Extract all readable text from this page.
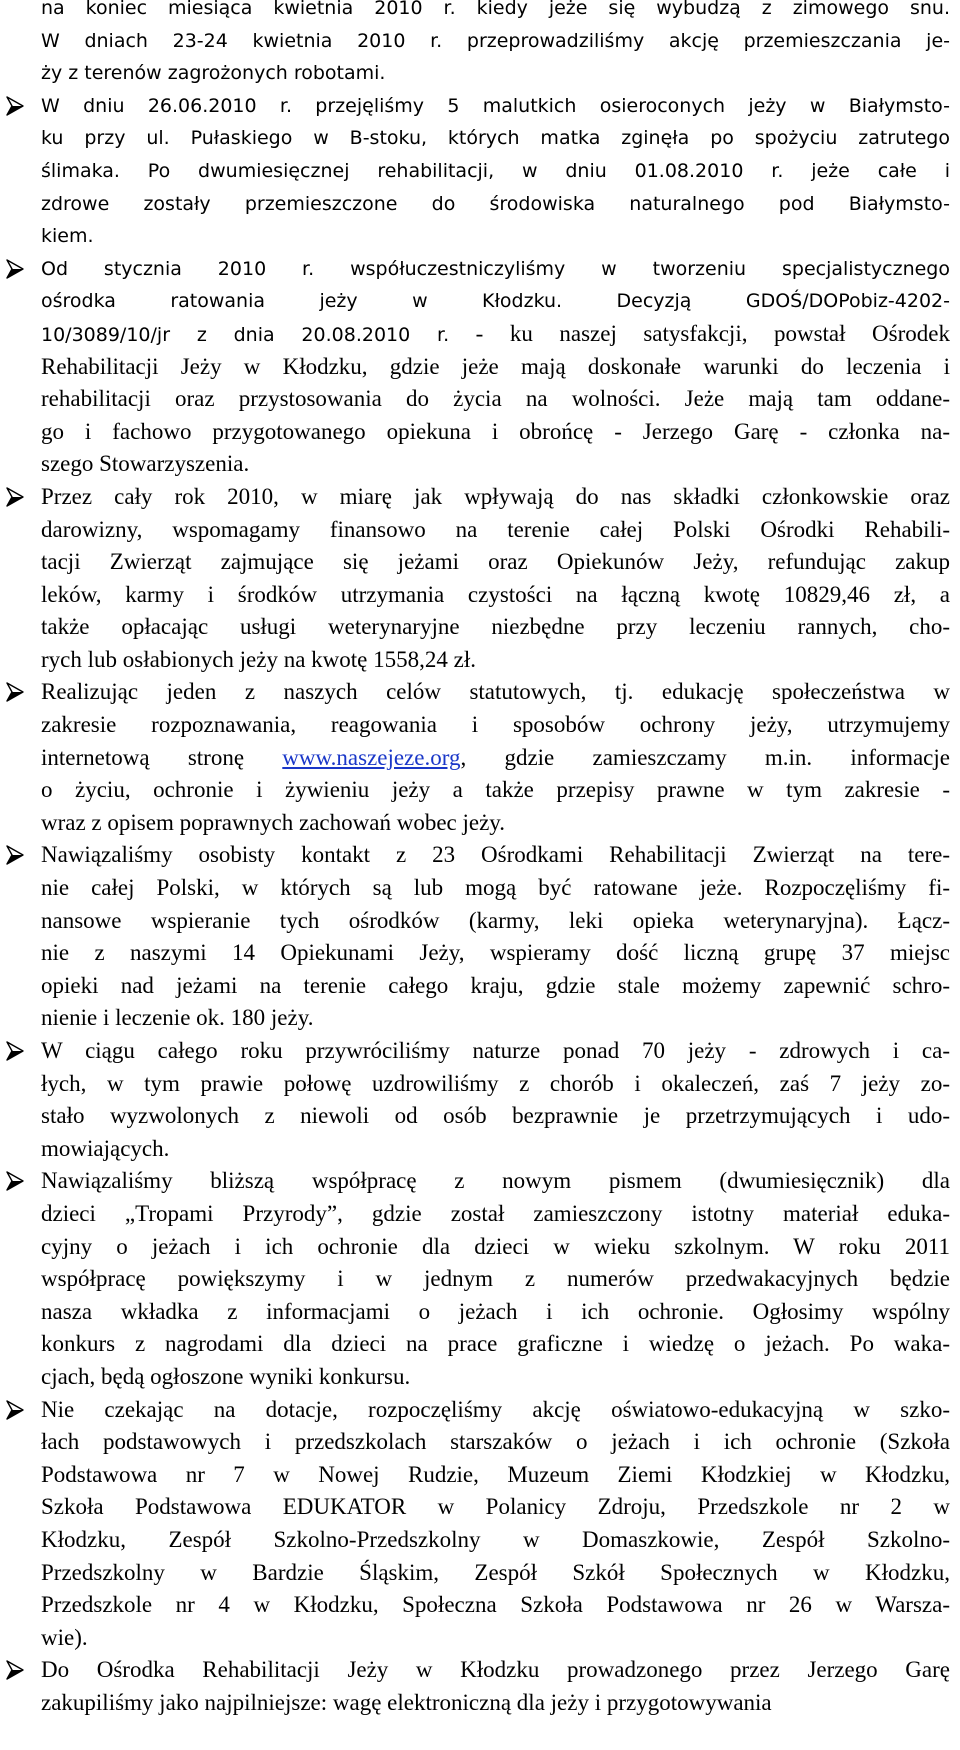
na koniec miesiąca kwietnia 2010 r. kiedy jeże się wybudzą z zimowego snu.
W dniach 23-24 kwietnia 2010 r. przeprowadziliśmy akcję przemieszczania je-
ży z terenów zagrożonych robotami.
W dniu 26.06.2010 r. przejęliśmy 5 malutkich osieroconych jeży w Białymsto-
ku przy ul. Pułaskiego w B-stoku, których matka zginęła po spożyciu zatrutego
ślimaka. Po dwumiesięcznej rehabilitacji, w dniu 01.08.2010 r. jeże całe i
zdrowe zostały przemieszczone do środowiska naturalnego pod Białymsto-
kiem.
Od stycznia 2010 r. współuczestniczyliśmy w tworzeniu specjalistycznego
ośrodka ratowania jeży w Kłodzku. Decyzją GDOŚ/DOPobiz-4202-
10/3089/10/jr z dnia 20.08.2010 r. - ku naszej satysfakcji, powstał Ośrodek
Rehabilitacji Jeży w Kłodzku, gdzie jeże mają doskonałe warunki do leczenia i
rehabilitacji oraz przystosowania do życia na wolności. Jeże mają tam oddane-
go i fachowo przygotowanego opiekuna i obrońcę - Jerzego Garę - członka na-
szego Stowarzyszenia.
Przez cały rok 2010, w miarę jak wpływają do nas składki członkowskie oraz
darowizny, wspomagamy finansowo na terenie całej Polski Ośrodki Rehabili-
tacji Zwierząt zajmujące się jeżami oraz Opiekunów Jeży, refundując zakup
leków, karmy i środków utrzymania czystości na łączną kwotę 10829,46 zł, a
także opłacając usługi weterynaryjne niezbędne przy leczeniu rannych, cho-
rych lub osłabionych jeży na kwotę 1558,24 zł.
Realizując jeden z naszych celów statutowych, tj. edukację społeczeństwa w
zakresie rozpoznawania, reagowania i sposobów ochrony jeży, utrzymujemy
internetową stronę www.naszejeze.org, gdzie zamieszczamy m.in. informacje
o życiu, ochronie i żywieniu jeży a także przepisy prawne w tym zakresie -
wraz z opisem poprawnych zachowań wobec jeży.
Nawiązaliśmy osobisty kontakt z 23 Ośrodkami Rehabilitacji Zwierząt na tere-
nie całej Polski, w których są lub mogą być ratowane jeże. Rozpoczęliśmy fi-
nansowe wspieranie tych ośrodków (karmy, leki opieka weterynaryjna). Łącz-
nie z naszymi 14 Opiekunami Jeży, wspieramy dość liczną grupę 37 miejsc
opieki nad jeżami na terenie całego kraju, gdzie stale możemy zapewnić schro-
nienie i leczenie ok. 180 jeży.
W ciągu całego roku przywróciliśmy naturze ponad 70 jeży - zdrowych i ca-
łych, w tym prawie połowę uzdrowiliśmy z chorób i okaleczeń, zaś 7 jeży zo-
stało wyzwolonych z niewoli od osób bezprawnie je przetrzymujących i udo-
mowiających.
Nawiązaliśmy bliższą współpracę z nowym pismem (dwumiesięcznik) dla
dzieci „Tropami Przyrody”, gdzie został zamieszczony istotny materiał eduka-
cyjny o jeżach i ich ochronie dla dzieci w wieku szkolnym. W roku 2011
współpracę powiększymy i w jednym z numerów przedwakacyjnych będzie
nasza wkładka z informacjami o jeżach i ich ochronie. Ogłosimy wspólny
konkurs z nagrodami dla dzieci na prace graficzne i wiedzę o jeżach. Po waka-
cjach, będą ogłoszone wyniki konkursu.
Nie czekając na dotacje, rozpoczęliśmy akcję oświatowo-edukacyjną w szko-
łach podstawowych i przedszkolach starszaków o jeżach i ich ochronie (Szkoła
Podstawowa nr 7 w Nowej Rudzie, Muzeum Ziemi Kłodzkiej w Kłodzku,
Szkoła Podstawowa EDUKATOR w Polanicy Zdroju, Przedszkole nr 2 w
Kłodzku, Zespół Szkolno-Przedszkolny w Domaszkowie, Zespół Szkolno-
Przedszkolny w Bardzie Śląskim, Zespół Szkół Społecznych w Kłodzku,
Przedszkole nr 4 w Kłodzku, Społeczna Szkoła Podstawowa nr 26 w Warsza-
wie).
Do Ośrodka Rehabilitacji Jeży w Kłodzku prowadzonego przez Jerzego Garę
zakupiliśmy jako najpilniejsze: wagę elektroniczną dla jeży i przygotowywania
